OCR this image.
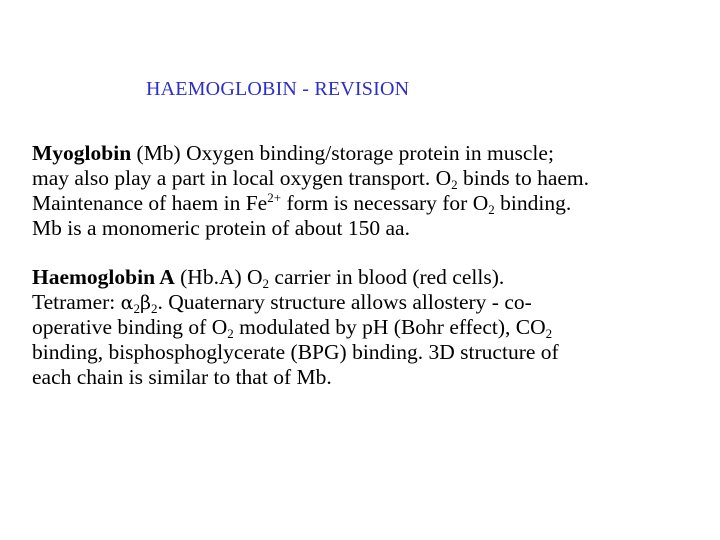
HAEMOGLOBIN - REVISION
Myoglobin (Mb) Oxygen binding/storage protein in muscle;
may also play a part in local oxygen transport. $O_2$ binds to haem.
Maintenance of haem in $Fe^{2+}$ form is necessary for $O_2$ binding.
Mb is a monomeric protein of about 150 aa.
Haemoglobin A (Hb.A) $O_2$ carrier in blood (red cells).
Tetramer: $\alpha_2\beta_2$. Quaternary structure allows allostery - co-
operative binding of $O_2$ modulated by pH (Bohr effect), $CO_2$
binding, bisphosphoglycerate (BPG) binding. 3D structure of
each chain is similar to that of Mb.
